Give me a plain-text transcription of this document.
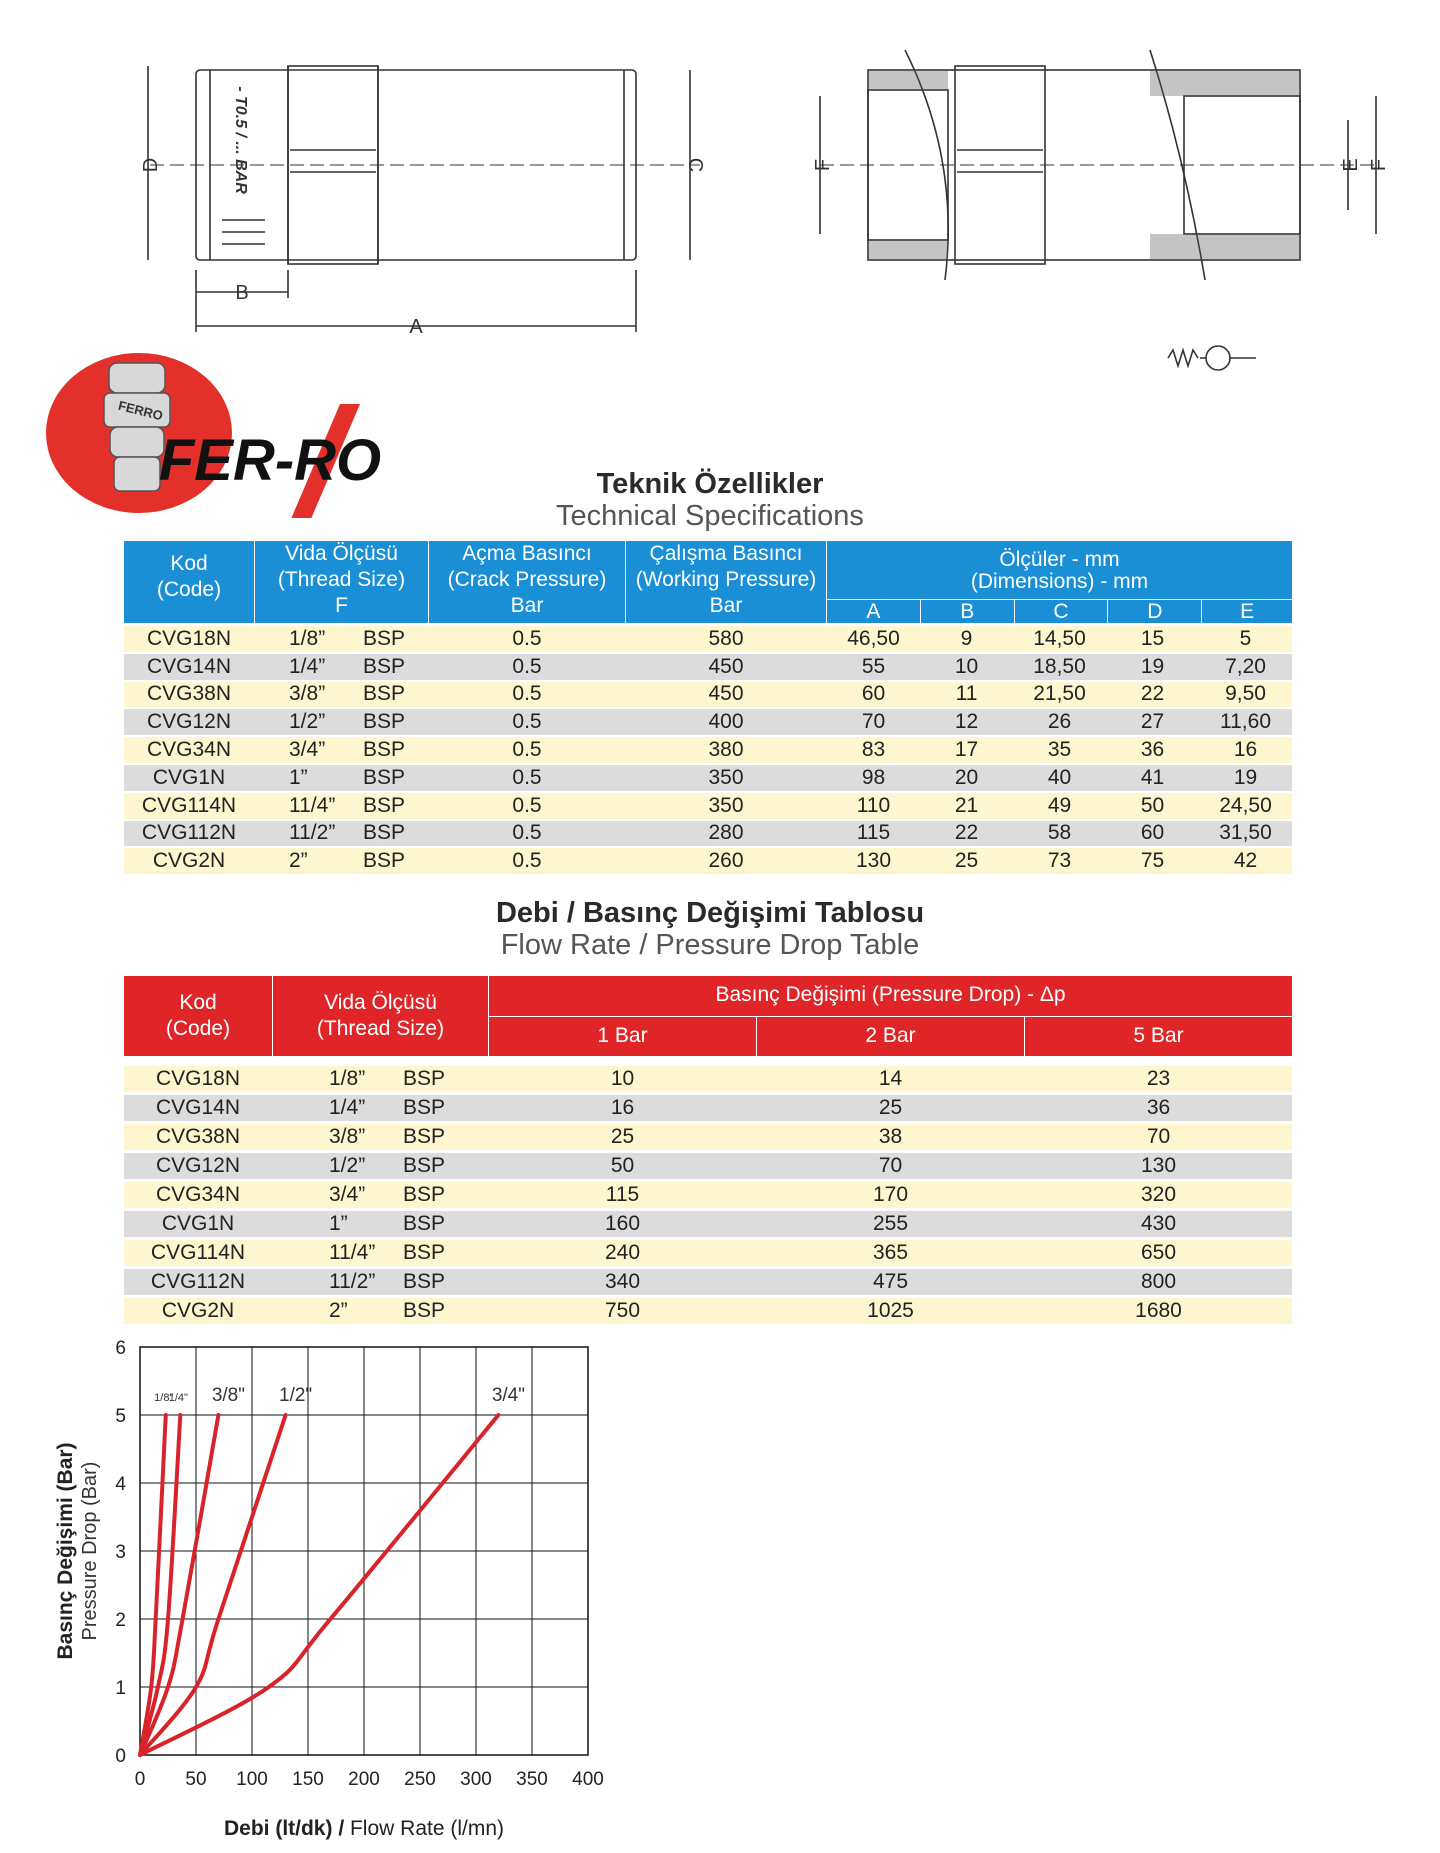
D	C
B
A
F	E F
- T0.5 / ... BAR
FERRO
FER-RO	Teknik Özellikler
Technical Specifications
Kod
(Code)
Vida Ölçüsü
(Thread Size)
F
Açma Basıncı
(Crack Pressure)
Bar
Çalışma Basıncı
(Working Pressure)
Bar
Ölçüler - mm
(Dimensions) - mm
A	B	C	D	E
CVG18N	1/8”	BSP	0.5	580	46,50	9	14,50	15	5
CVG14N	1/4”	BSP	0.5	450	55	10	18,50	19	7,20
CVG38N	3/8”	BSP	0.5	450	60	11	21,50	22	9,50
CVG12N	1/2”	BSP	0.5	400	70	12	26	27	11,60
CVG34N	3/4”	BSP	0.5	380	83	17	35	36	16
CVG1N	1”	BSP	0.5	350	98	20	40	41	19
CVG114N	11/4”	BSP	0.5	350	110	21	49	50	24,50
CVG112N	11/2”	BSP	0.5	280	115	22	58	60	31,50
CVG2N	2”	BSP	0.5	260	130	25	73	75	42
Debi / Basınç Değişimi Tablosu
Flow Rate / Pressure Drop Table
Kod
(Code)
Vida Ölçüsü
(Thread Size)
Basınç Değişimi (Pressure Drop) - Δp
1 Bar	2 Bar	5 Bar
CVG18N	1/8”	BSP	10	14	23
CVG14N	1/4”	BSP	16	25	36
CVG38N	3/8”	BSP	25	38	70
CVG12N	1/2”	BSP	50	70	130
CVG34N	3/4”	BSP	115	170	320
CVG1N	1”	BSP	160	255	430
CVG114N	11/4”	BSP	240	365	650
CVG112N	11/2”	BSP	340	475	800
CVG2N	2”	BSP	750	1025	1680
0 50 100 150 200 250 300 350 400
0
1
2
3
4
5
6
Debi (lt/dk) / Flow Rate (l/mn)
Basınç Değişimi (Bar) Pressure Drop (Bar)
1/8"
1/4" 3/8" 1/2"	3/4"
